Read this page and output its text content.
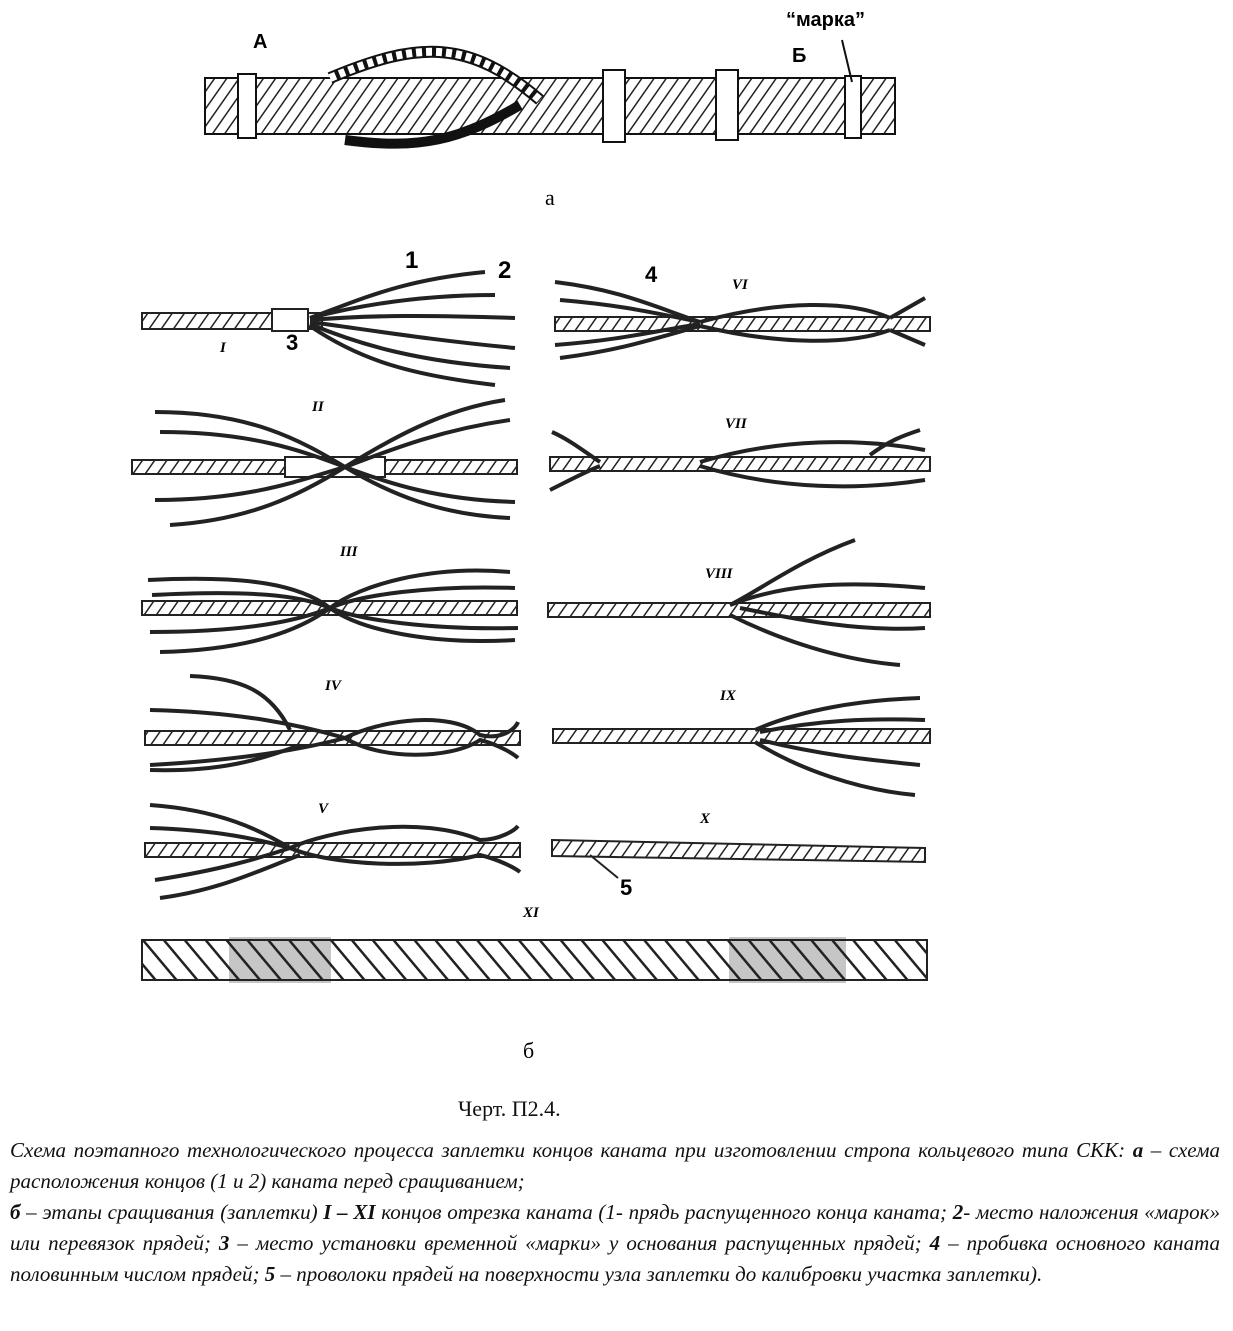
А
Б
“марка”
а
I
1	2
3
II
III
IV
V
VI
4
VII
VIII
IX
X
5
XI
б
Черт. П2.4.
Схема поэтапного технологического процесса заплетки концов каната при изготовлении стропа кольцевого типа СКК: а – схема расположения концов (1 и 2) каната перед сращиванием;
б – этапы сращивания (заплетки) I – XI концов отрезка каната (1- прядь распущенного конца каната; 2- место наложения «марок» или перевязок прядей; 3 – место установки временной «марки» у основания распущенных прядей; 4 – пробивка основного каната половинным числом прядей; 5 – проволоки прядей на поверхности узла заплетки до калибровки участка заплетки).
